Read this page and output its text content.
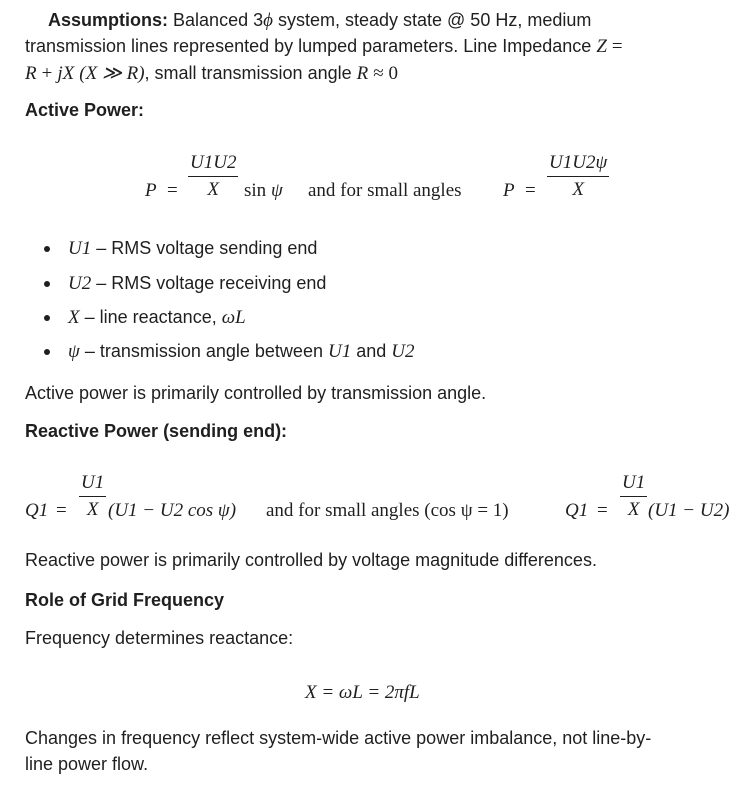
Assumptions: Balanced 3ϕ system, steady state @ 50 Hz, medium
transmission lines represented by lumped parameters. Line Impedance Z =
R + jX (X ≫ R), small transmission angle R ≈ 0
Active Power:
$P = \frac{U1U2}{X}$ sin ψ and for small angles $P = \frac{U1U2\psi}{X}$
U1 – RMS voltage sending end
U2 – RMS voltage receiving end
X – line reactance, ωL
ψ – transmission angle between U1 and U2
Active power is primarily controlled by transmission angle.
Reactive Power (sending end):
$Q1 = \frac{U1}{X} (U1 - U2$ cos ψ) and for small angles (cos ψ = 1)	$Q1 = \frac{U1}{X} (U1 - U2)$
Reactive power is primarily controlled by voltage magnitude differences.
Role of Grid Frequency
Frequency determines reactance:
X = ωL = 2πfL
Changes in frequency reflect system-wide active power imbalance, not line-by-
line power flow.
